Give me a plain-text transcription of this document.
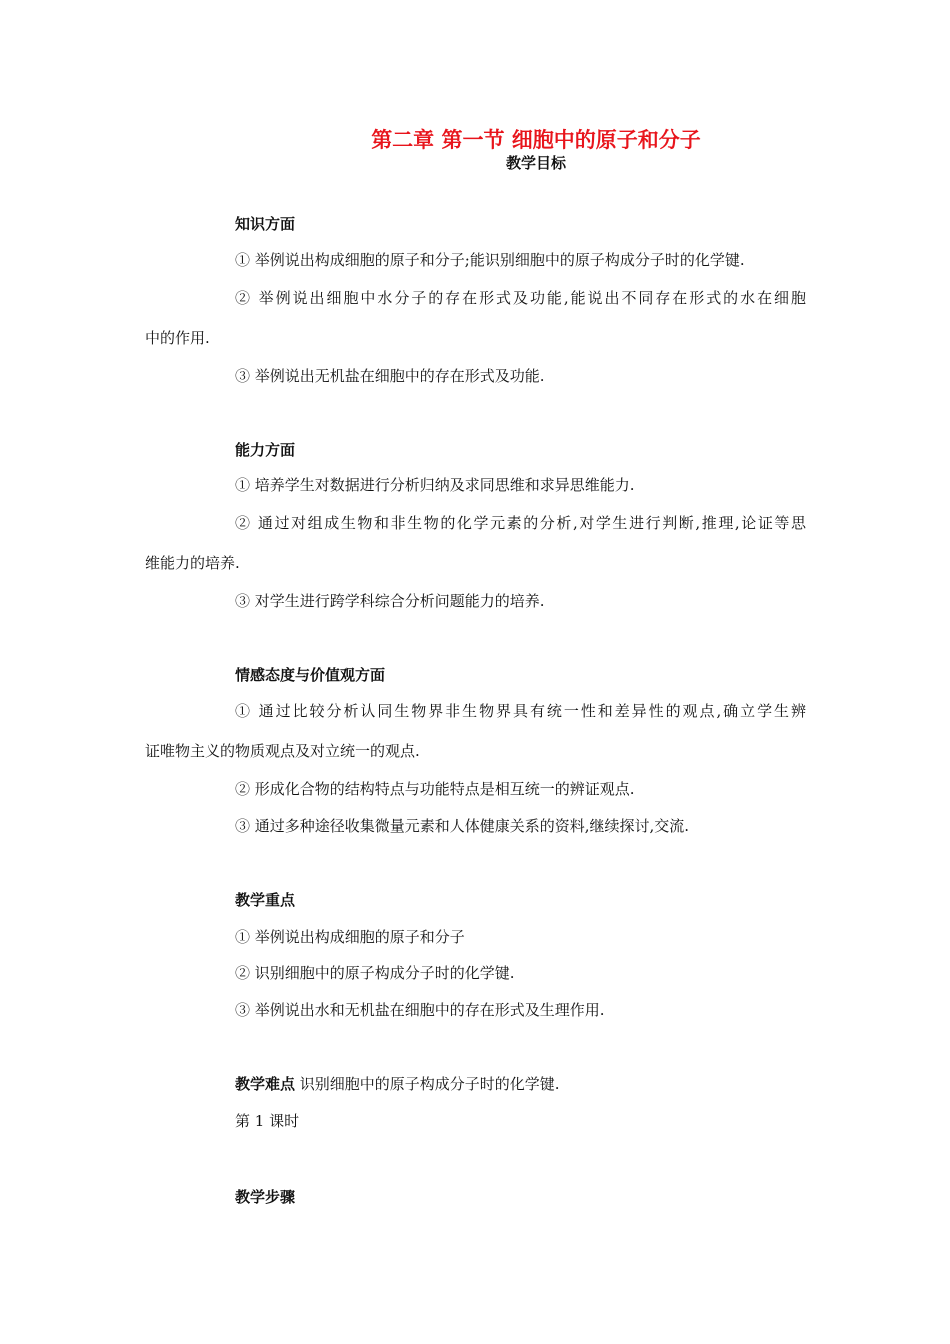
第二章 第一节 细胞中的原子和分子
教学目标
知识方面
① 举例说出构成细胞的原子和分子;能识别细胞中的原子构成分子时的化学键.
② 举例说出细胞中水分子的存在形式及功能,能说出不同存在形式的水在细胞
中的作用.
③ 举例说出无机盐在细胞中的存在形式及功能.
能力方面
① 培养学生对数据进行分析归纳及求同思维和求异思维能力.
② 通过对组成生物和非生物的化学元素的分析,对学生进行判断,推理,论证等思
维能力的培养.
③ 对学生进行跨学科综合分析问题能力的培养.
情感态度与价值观方面
① 通过比较分析认同生物界非生物界具有统一性和差异性的观点,确立学生辨
证唯物主义的物质观点及对立统一的观点.
② 形成化合物的结构特点与功能特点是相互统一的辨证观点.
③ 通过多种途径收集微量元素和人体健康关系的资料,继续探讨,交流.
教学重点
① 举例说出构成细胞的原子和分子
② 识别细胞中的原子构成分子时的化学键.
③ 举例说出水和无机盐在细胞中的存在形式及生理作用.
教学难点 识别细胞中的原子构成分子时的化学键.
第 1 课时
教学步骤
